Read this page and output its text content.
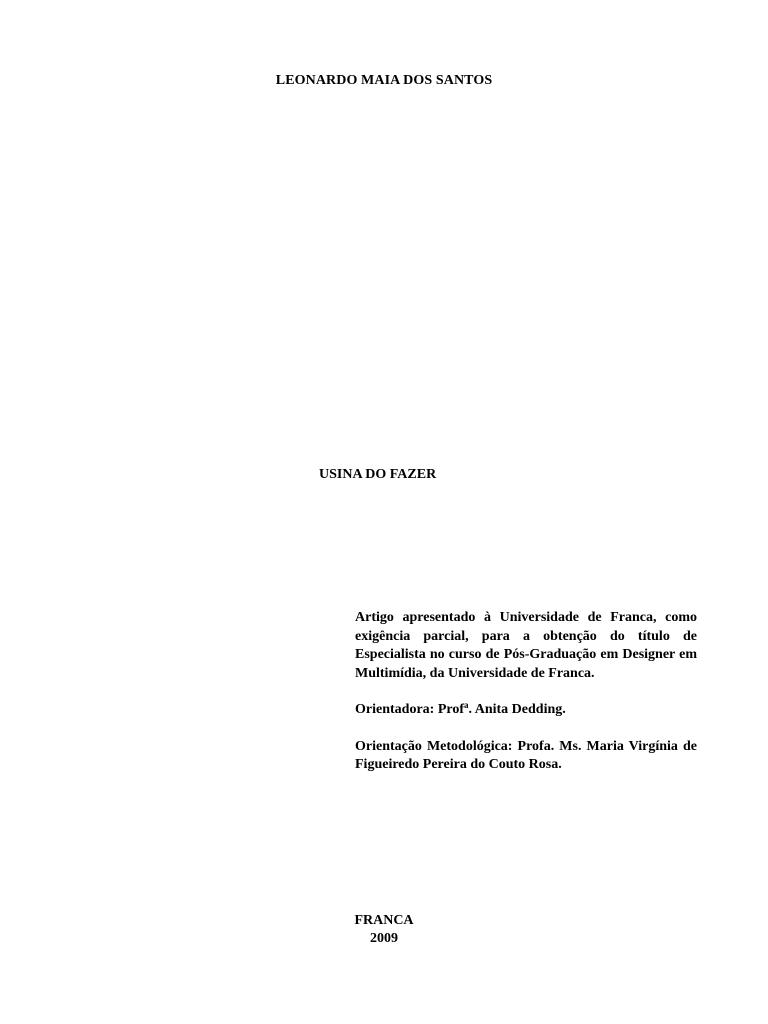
LEONARDO MAIA DOS SANTOS
USINA DO FAZER

Artigo apresentado à Universidade de Franca, como exigência parcial, para a obtenção do título de Especialista no curso de Pós-Graduação em Designer em Multimídia, da Universidade de Franca.

Orientadora: Prof$^a$. Anita Dedding.

Orientação Metodológica: Profa. Ms. Maria Virgínia de Figueiredo Pereira do Couto Rosa.

FRANCA
2009
